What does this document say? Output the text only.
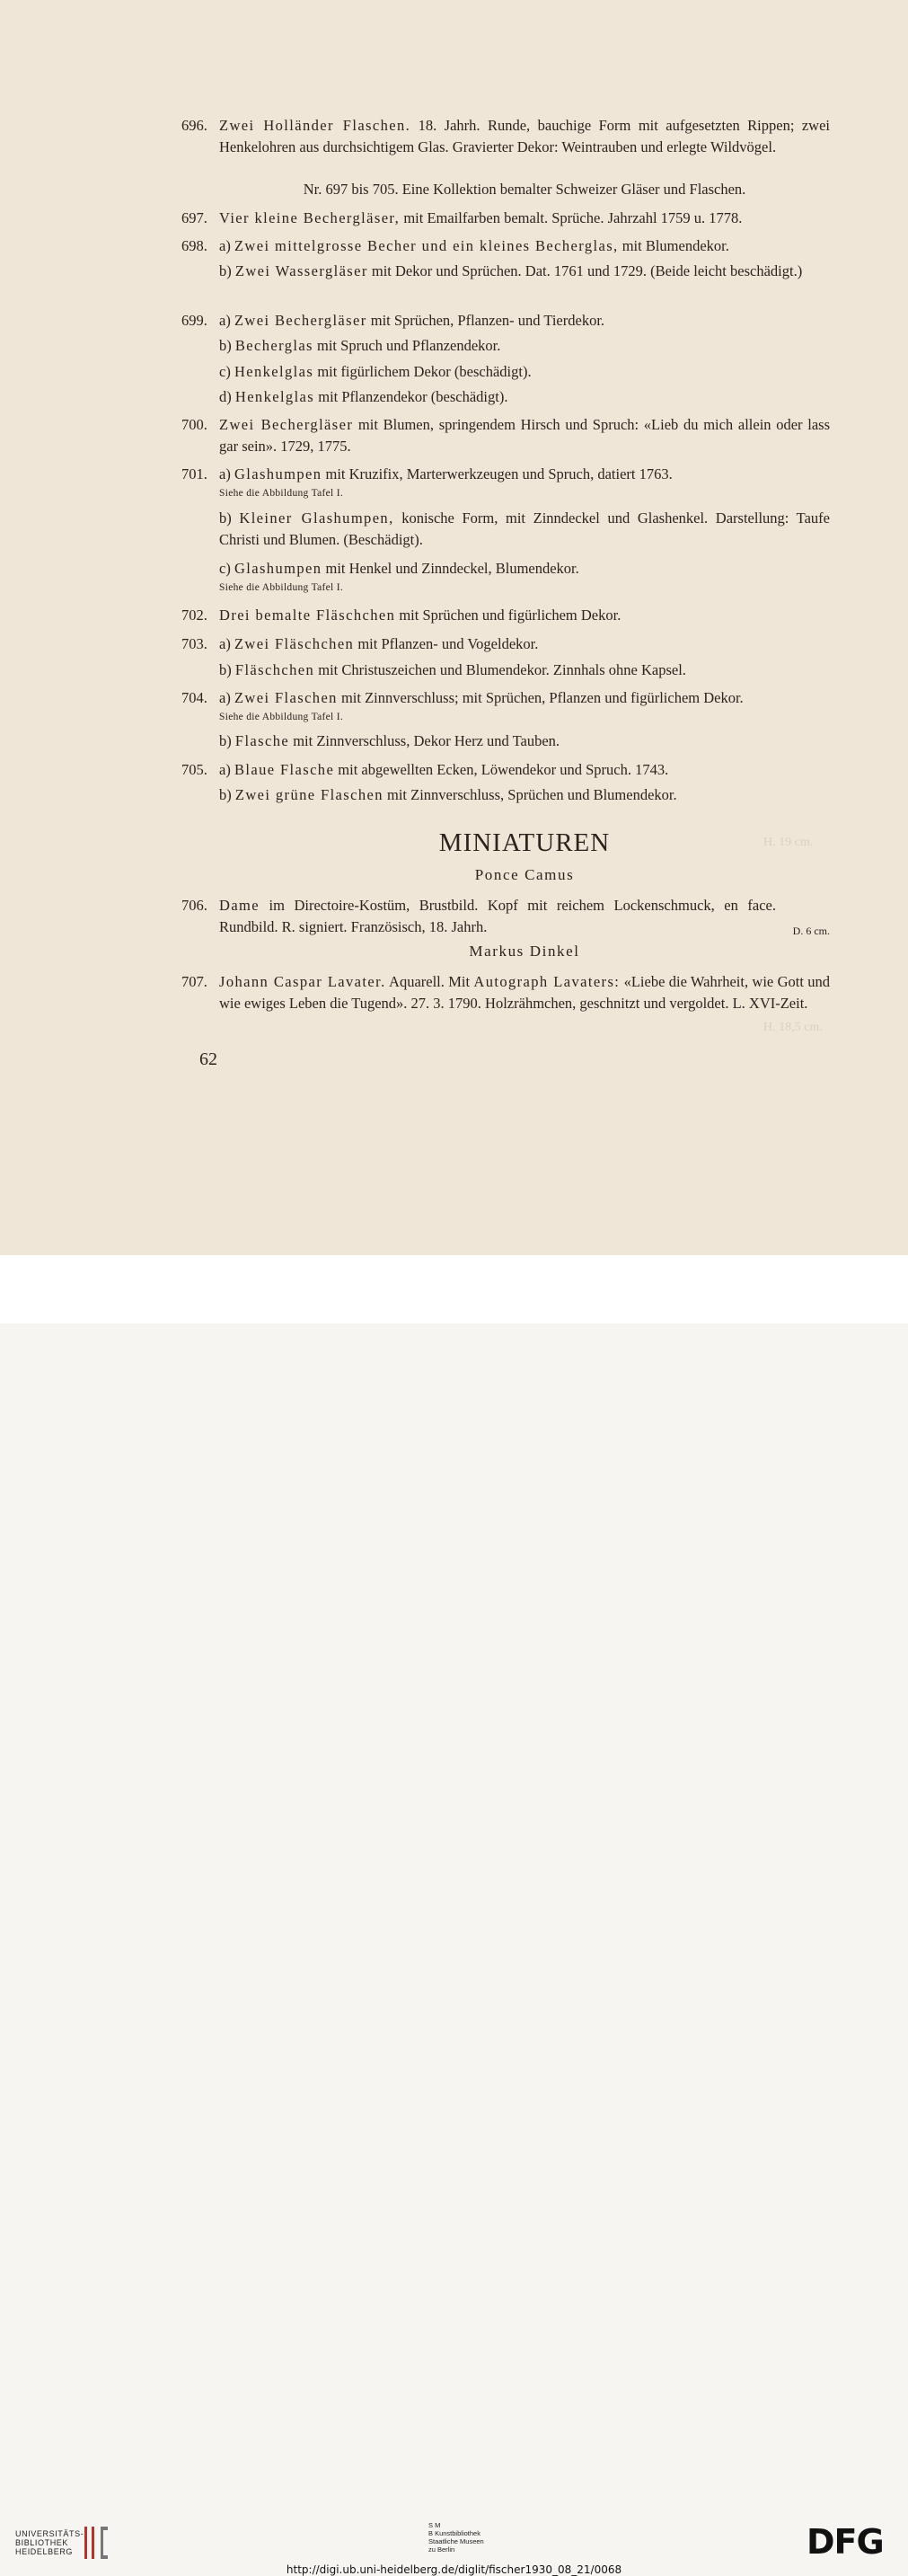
H. 19 cm.
H. 18,5 cm.
696. Zwei Holländer Flaschen. 18. Jahrh. Runde, bauchige Form mit aufgesetzten Rippen; zwei Henkelohren aus durchsichtigem Glas. Gravierter Dekor: Weintrauben und erlegte Wildvögel.
Nr. 697 bis 705. Eine Kollektion bemalter Schweizer Gläser und Flaschen.
697. Vier kleine Bechergläser, mit Emailfarben bemalt. Sprüche. Jahrzahl 1759 u. 1778.
698. a) Zwei mittelgrosse Becher und ein kleines Becherglas, mit Blumendekor.
b) Zwei Wassergläser mit Dekor und Sprüchen. Dat. 1761 und 1729. (Beide leicht beschädigt.)
699. a) Zwei Bechergläser mit Sprüchen, Pflanzen- und Tierdekor.
b) Becherglas mit Spruch und Pflanzendekor.
c) Henkelglas mit figürlichem Dekor (beschädigt).
d) Henkelglas mit Pflanzendekor (beschädigt).
700. Zwei Bechergläser mit Blumen, springendem Hirsch und Spruch: «Lieb du mich allein oder lass gar sein». 1729, 1775.
701. a) Glashumpen mit Kruzifix, Marterwerkzeugen und Spruch, datiert 1763.
Siehe die Abbildung Tafel I.
b) Kleiner Glashumpen, konische Form, mit Zinndeckel und Glashenkel. Darstellung: Taufe Christi und Blumen. (Beschädigt).
c) Glashumpen mit Henkel und Zinndeckel, Blumendekor.
Siehe die Abbildung Tafel I.
702. Drei bemalte Fläschchen mit Sprüchen und figürlichem Dekor.
703. a) Zwei Fläschchen mit Pflanzen- und Vogeldekor.
b) Fläschchen mit Christuszeichen und Blumendekor. Zinnhals ohne Kapsel.
704. a) Zwei Flaschen mit Zinnverschluss; mit Sprüchen, Pflanzen und figürlichem Dekor.
Siehe die Abbildung Tafel I.
b) Flasche mit Zinnverschluss, Dekor Herz und Tauben.
705. a) Blaue Flasche mit abgewellten Ecken, Löwendekor und Spruch. 1743.
b) Zwei grüne Flaschen mit Zinnverschluss, Sprüchen und Blumendekor.
MINIATUREN
Ponce Camus
706. Dame im Directoire-Kostüm, Brustbild. Kopf mit reichem Lockenschmuck, en face. Rundbild. R. signiert. Französisch, 18. Jahrh.	D. 6 cm.
Markus Dinkel
707. Johann Caspar Lavater. Aquarell. Mit Autograph Lavaters: «Liebe die Wahrheit, wie Gott und wie ewiges Leben die Tugend». 27. 3. 1790. Holzrähmchen, geschnitzt und vergoldet. L. XVI-Zeit.
62
UNIVERSITÄTS-
BIBLIOTHEK
HEIDELBERG
S M
B Kunstbibliothek
Staatliche Museen
zu Berlin	DFG
http://digi.ub.uni-heidelberg.de/diglit/fischer1930_08_21/0068
